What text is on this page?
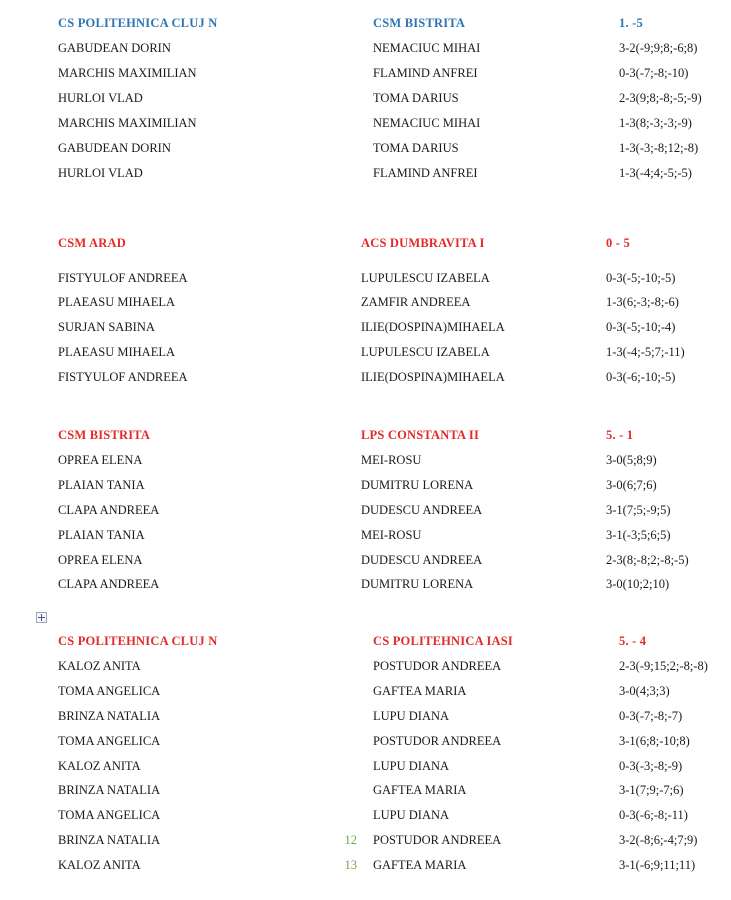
CS POLITEHNICA CLUJ N	CSM BISTRITA	1. -5
GABUDEAN DORIN	NEMACIUC MIHAI	3-2(-9;9;8;-6;8)
MARCHIS MAXIMILIAN	FLAMIND ANFREI	0-3(-7;-8;-10)
HURLOI VLAD	TOMA DARIUS	2-3(9;8;-8;-5;-9)
MARCHIS MAXIMILIAN	NEMACIUC MIHAI	1-3(8;-3;-3;-9)
GABUDEAN DORIN	TOMA DARIUS	1-3(-3;-8;12;-8)
HURLOI VLAD	FLAMIND ANFREI	1-3(-4;4;-5;-5)
CSM ARAD	ACS DUMBRAVITA I	0 - 5
FISTYULOF ANDREEA	LUPULESCU IZABELA	0-3(-5;-10;-5)
PLAEASU MIHAELA	ZAMFIR ANDREEA	1-3(6;-3;-8;-6)
SURJAN SABINA	ILIE(DOSPINA)MIHAELA	0-3(-5;-10;-4)
PLAEASU MIHAELA	LUPULESCU IZABELA	1-3(-4;-5;7;-11)
FISTYULOF ANDREEA	ILIE(DOSPINA)MIHAELA	0-3(-6;-10;-5)
CSM BISTRITA	LPS CONSTANTA II	5. - 1
OPREA ELENA	MEI-ROSU	3-0(5;8;9)
PLAIAN TANIA	DUMITRU LORENA	3-0(6;7;6)
CLAPA ANDREEA	DUDESCU ANDREEA	3-1(7;5;-9;5)
PLAIAN TANIA	MEI-ROSU	3-1(-3;5;6;5)
OPREA ELENA	DUDESCU ANDREEA	2-3(8;-8;2;-8;-5)
CLAPA ANDREEA	DUMITRU LORENA	3-0(10;2;10)
CS POLITEHNICA CLUJ N	CS POLITEHNICA IASI	5. - 4
KALOZ ANITA	POSTUDOR ANDREEA	2-3(-9;15;2;-8;-8)
TOMA ANGELICA	GAFTEA MARIA	3-0(4;3;3)
BRINZA NATALIA	LUPU DIANA	0-3(-7;-8;-7)
TOMA ANGELICA	POSTUDOR ANDREEA	3-1(6;8;-10;8)
KALOZ ANITA	LUPU DIANA	0-3(-3;-8;-9)
BRINZA NATALIA	GAFTEA MARIA	3-1(7;9;-7;6)
TOMA ANGELICA	LUPU DIANA	0-3(-6;-8;-11)
BRINZA NATALIA	12 POSTUDOR ANDREEA	3-2(-8;6;-4;7;9)
KALOZ ANITA	13 GAFTEA MARIA	3-1(-6;9;11;11)
